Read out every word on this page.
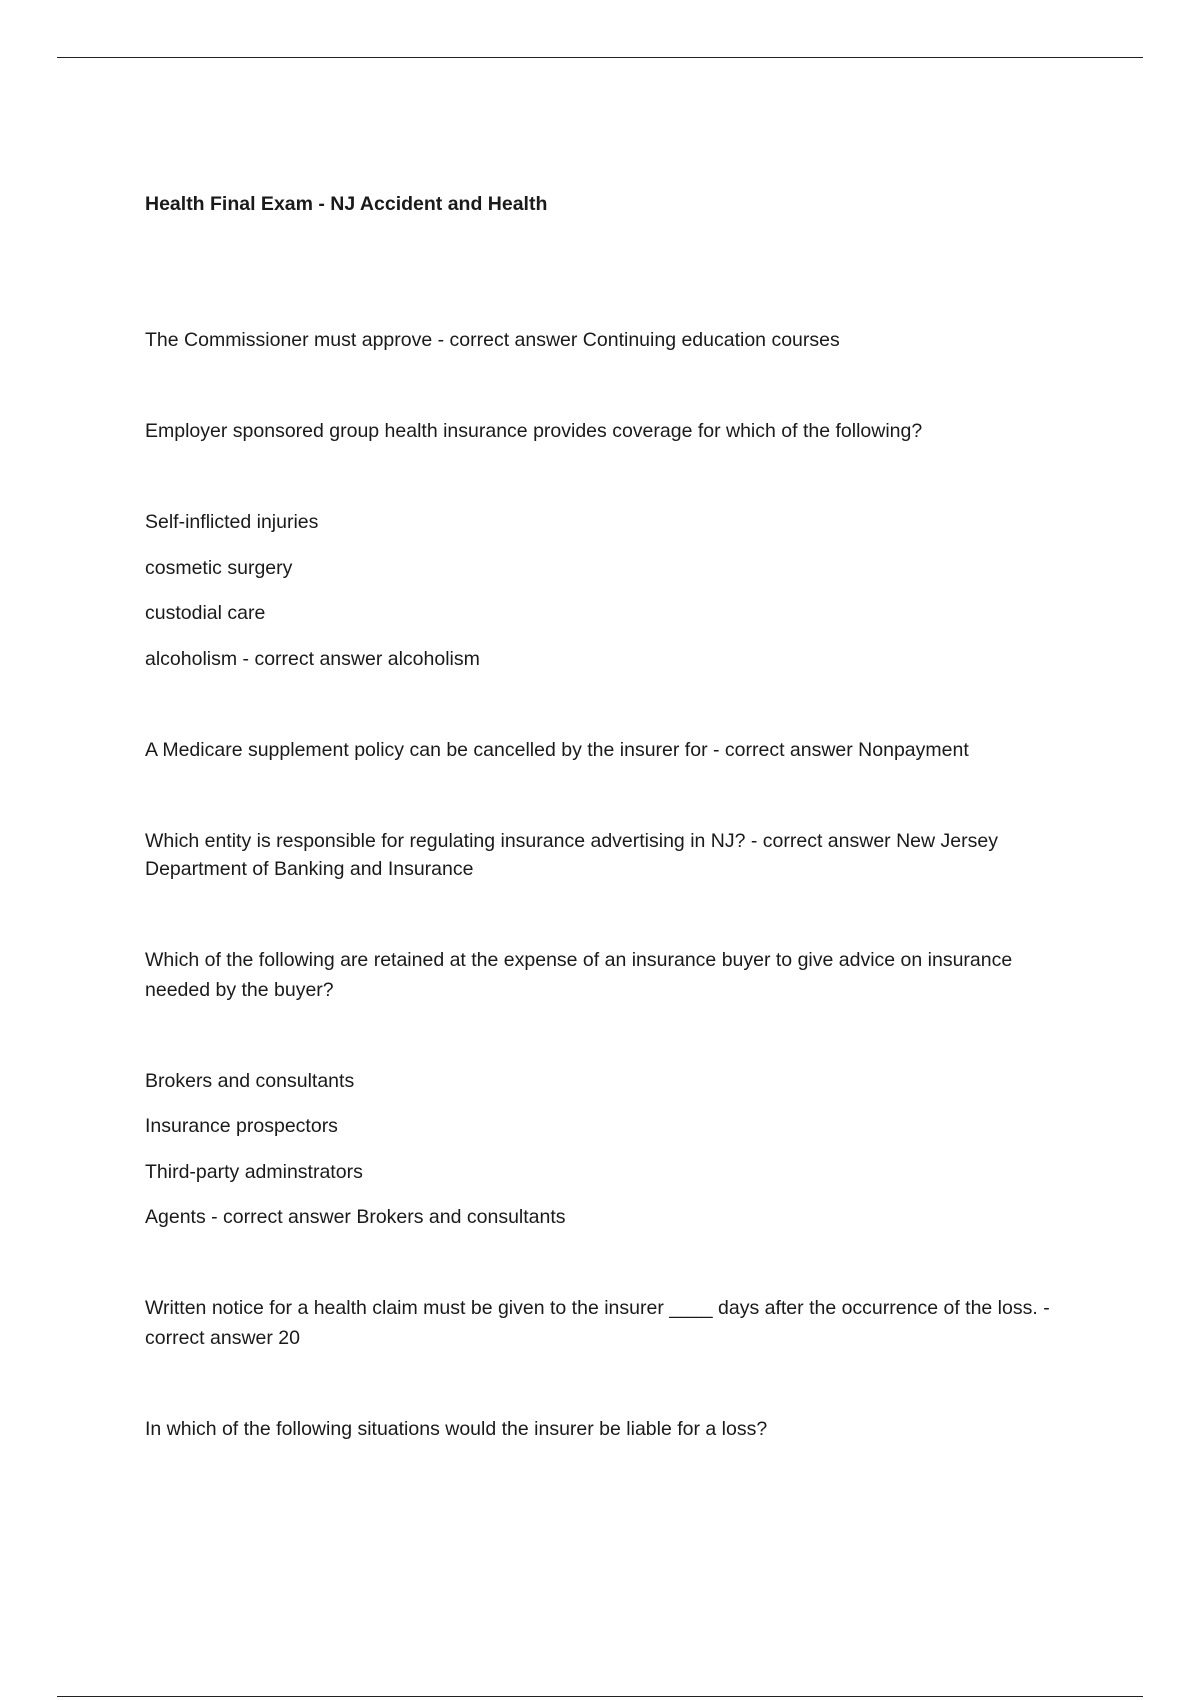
Health Final Exam - NJ Accident and Health
The Commissioner must approve - correct answer Continuing education courses
Employer sponsored group health insurance provides coverage for which of the following?
Self-inflicted injuries
cosmetic surgery
custodial care
alcoholism - correct answer alcoholism
A Medicare supplement policy can be cancelled by the insurer for - correct answer Nonpayment
Which entity is responsible for regulating insurance advertising in NJ? - correct answer New Jersey
Department of Banking and Insurance
Which of the following are retained at the expense of an insurance buyer to give advice on insurance
needed by the buyer?
Brokers and consultants
Insurance prospectors
Third-party adminstrators
Agents - correct answer Brokers and consultants
Written notice for a health claim must be given to the insurer ____ days after the occurrence of the loss. -
correct answer 20
In which of the following situations would the insurer be liable for a loss?
